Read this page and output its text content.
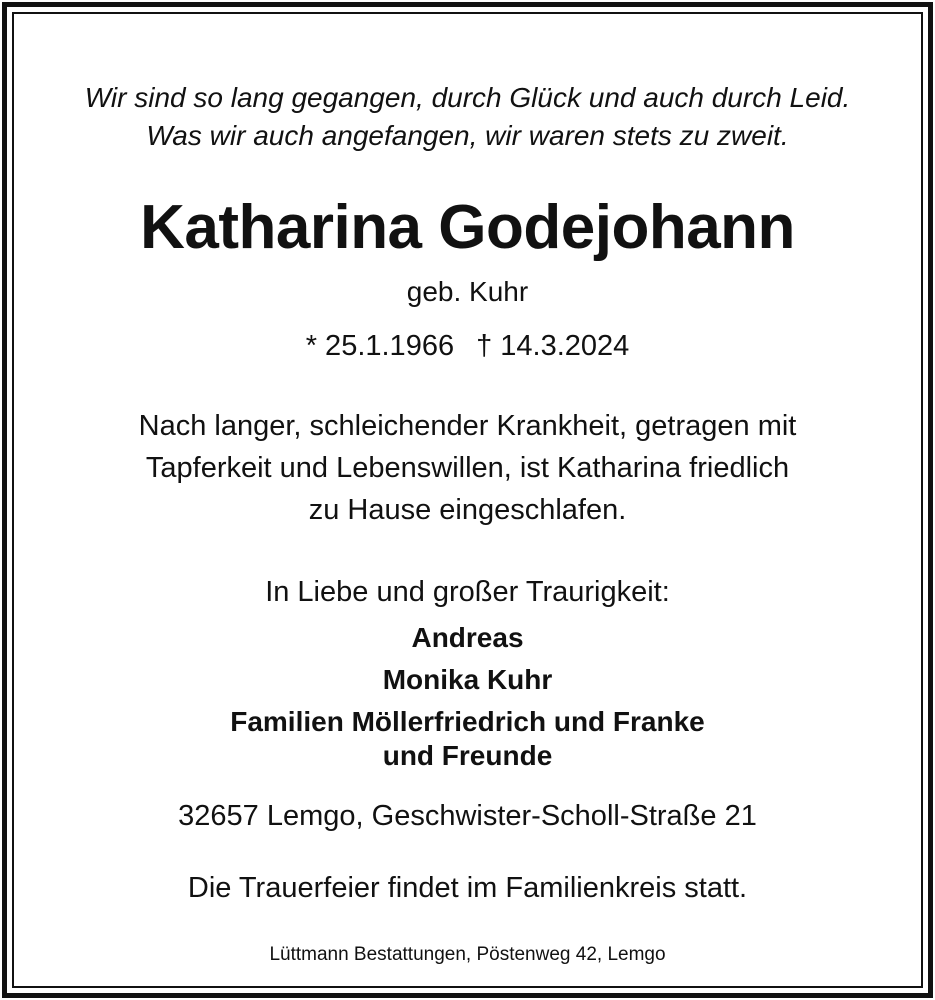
Wir sind so lang gegangen, durch Glück und auch durch Leid.
Was wir auch angefangen, wir waren stets zu zweit.
Katharina Godejohann
geb. Kuhr
* 25.1.1966 † 14.3.2024
Nach langer, schleichender Krankheit, getragen mit
Tapferkeit und Lebenswillen, ist Katharina friedlich
zu Hause eingeschlafen.
In Liebe und großer Traurigkeit:
Andreas
Monika Kuhr
Familien Möllerfriedrich und Franke
und Freunde
32657 Lemgo, Geschwister-Scholl-Straße 21
Die Trauerfeier findet im Familienkreis statt.
Lüttmann Bestattungen, Pöstenweg 42, Lemgo
